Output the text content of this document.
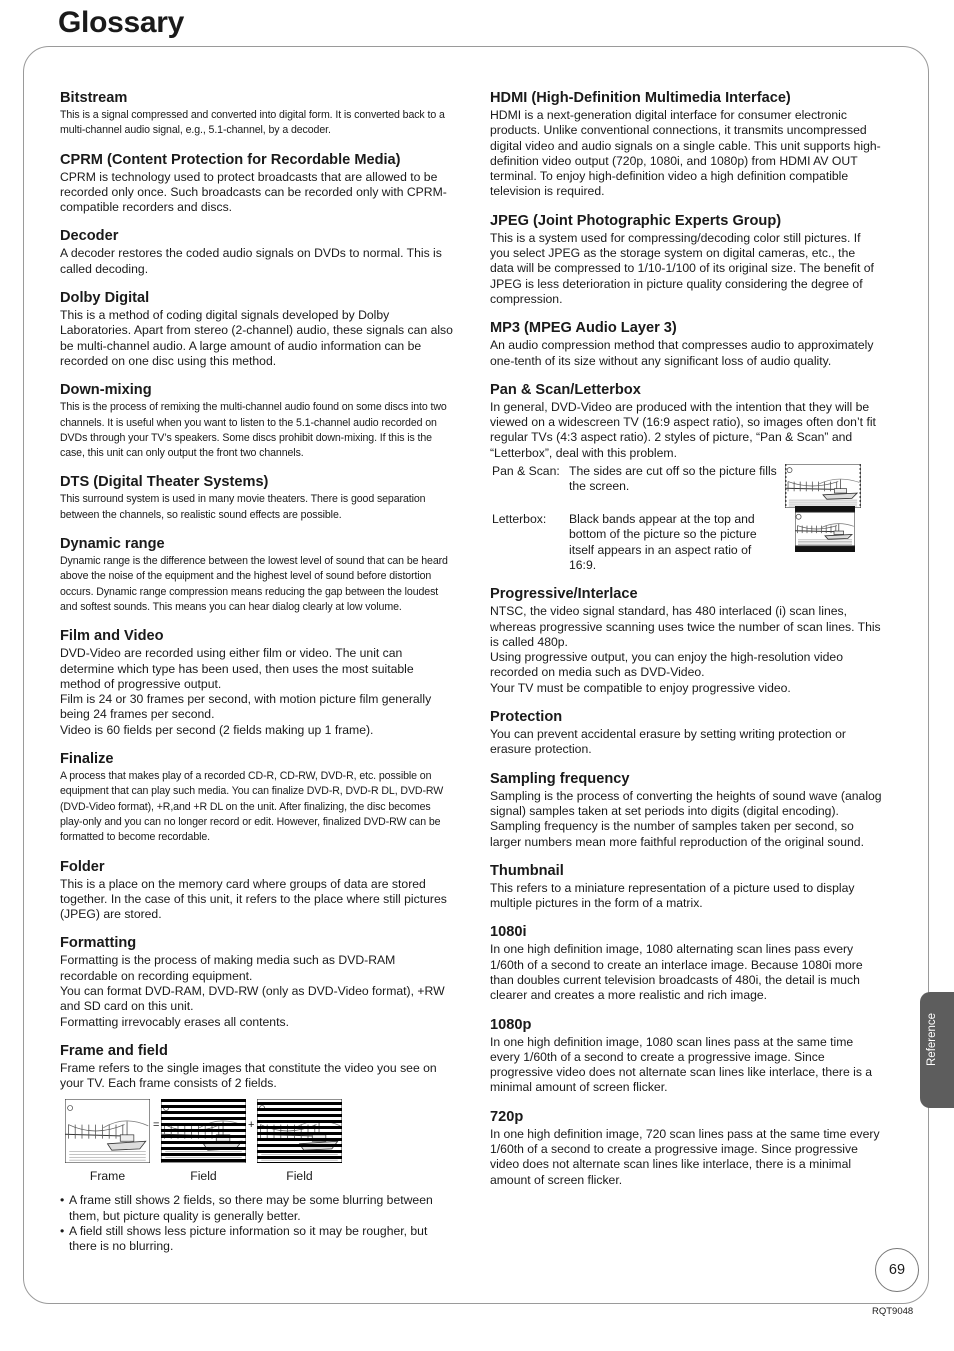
Glossary
Bitstream
This is a signal compressed and converted into digital form. It is converted back to a multi-channel audio signal, e.g., 5.1-channel, by a decoder.
CPRM (Content Protection for Recordable Media)
CPRM is technology used to protect broadcasts that are allowed to be recorded only once. Such broadcasts can be recorded only with CPRM-compatible recorders and discs.
Decoder
A decoder restores the coded audio signals on DVDs to normal. This is called decoding.
Dolby Digital
This is a method of coding digital signals developed by Dolby Laboratories. Apart from stereo (2-channel) audio, these signals can also be multi-channel audio. A large amount of audio information can be recorded on one disc using this method.
Down-mixing
This is the process of remixing the multi-channel audio found on some discs into two channels. It is useful when you want to listen to the 5.1-channel audio recorded on DVDs through your TV’s speakers. Some discs prohibit down-mixing. If this is the case, this unit can only output the front two channels.
DTS (Digital Theater Systems)
This surround system is used in many movie theaters. There is good separation between the channels, so realistic sound effects are possible.
Dynamic range
Dynamic range is the difference between the lowest level of sound that can be heard above the noise of the equipment and the highest level of sound before distortion occurs. Dynamic range compression means reducing the gap between the loudest and softest sounds. This means you can hear dialog clearly at low volume.
Film and Video
DVD-Video are recorded using either film or video. The unit can determine which type has been used, then uses the most suitable method of progressive output.
Film is 24 or 30 frames per second, with motion picture film generally being 24 frames per second.
Video is 60 fields per second (2 fields making up 1 frame).
Finalize
A process that makes play of a recorded CD-R, CD-RW, DVD-R, etc. possible on equipment that can play such media. You can finalize DVD-R, DVD-R DL, DVD-RW (DVD-Video format), +R,and +R DL on the unit. After finalizing, the disc becomes play-only and you can no longer record or edit. However, finalized DVD-RW can be formatted to become recordable.
Folder
This is a place on the memory card where groups of data are stored together. In the case of this unit, it refers to the place where still pictures (JPEG) are stored.
Formatting
Formatting is the process of making media such as DVD-RAM recordable on recording equipment.
You can format DVD-RAM, DVD-RW (only as DVD-Video format), +RW and SD card on this unit.
Formatting irrevocably erases all contents.
Frame and field
Frame refers to the single images that constitute the video you see on your TV. Each frame consists of 2 fields.
Frame	Field	Field
=	+
• A frame still shows 2 fields, so there may be some blurring between them, but picture quality is generally better.
• A field still shows less picture information so it may be rougher, but there is no blurring.
HDMI (High-Definition Multimedia Interface)
HDMI is a next-generation digital interface for consumer electronic products. Unlike conventional connections, it transmits uncompressed digital video and audio signals on a single cable. This unit supports high-definition video output (720p, 1080i, and 1080p) from HDMI AV OUT terminal. To enjoy high-definition video a high definition compatible television is required.
JPEG (Joint Photographic Experts Group)
This is a system used for compressing/decoding color still pictures. If you select JPEG as the storage system on digital cameras, etc., the data will be compressed to 1/10-1/100 of its original size. The benefit of JPEG is less deterioration in picture quality considering the degree of compression.
MP3 (MPEG Audio Layer 3)
An audio compression method that compresses audio to approximately one-tenth of its size without any significant loss of audio quality.
Pan & Scan/Letterbox
In general, DVD-Video are produced with the intention that they will be viewed on a widescreen TV (16:9 aspect ratio), so images often don’t fit regular TVs (4:3 aspect ratio). 2 styles of picture, “Pan & Scan” and “Letterbox”, deal with this problem.
Pan & Scan: The sides are cut off so the picture fills the screen.
Letterbox:	Black bands appear at the top and bottom of the picture so the picture itself appears in an aspect ratio of 16:9.
Progressive/Interlace
NTSC, the video signal standard, has 480 interlaced (i) scan lines, whereas progressive scanning uses twice the number of scan lines. This is called 480p.
Using progressive output, you can enjoy the high-resolution video recorded on media such as DVD-Video.
Your TV must be compatible to enjoy progressive video.
Protection
You can prevent accidental erasure by setting writing protection or erasure protection.
Sampling frequency
Sampling is the process of converting the heights of sound wave (analog signal) samples taken at set periods into digits (digital encoding). Sampling frequency is the number of samples taken per second, so larger numbers mean more faithful reproduction of the original sound.
Thumbnail
This refers to a miniature representation of a picture used to display multiple pictures in the form of a matrix.
1080i
In one high definition image, 1080 alternating scan lines pass every 1/60th of a second to create an interlace image. Because 1080i more than doubles current television broadcasts of 480i, the detail is much clearer and creates a more realistic and rich image.
1080p
In one high definition image, 1080 scan lines pass at the same time every 1/60th of a second to create a progressive image. Since progressive video does not alternate scan lines like interlace, there is a minimal amount of screen flicker.
720p
In one high definition image, 720 scan lines pass at the same time every 1/60th of a second to create a progressive image. Since progressive video does not alternate scan lines like interlace, there is a minimal amount of screen flicker.
Reference
69
RQT9048
